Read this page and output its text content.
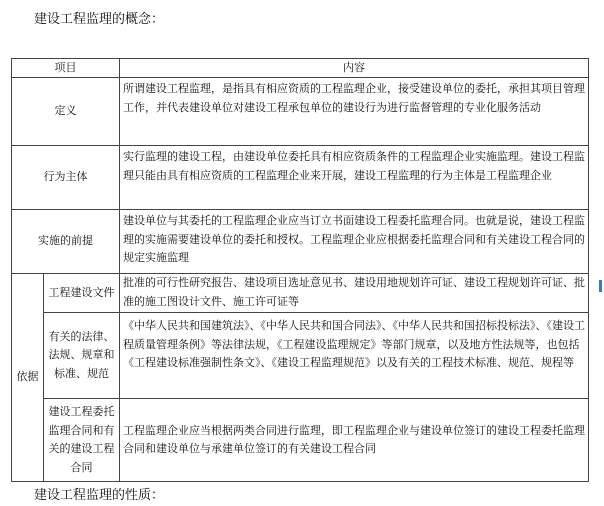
建设工程监理的概念：
项目	内容
定义
所谓建设工程监理，是指具有相应资质的工程监理企业，接受建设单位的委托，承担其项目管理工作，并代表建设单位对建设工程承包单位的建设行为进行监督管理的专业化服务活动
行为主体
实行监理的建设工程，由建设单位委托具有相应资质条件的工程监理企业实施监理。建设工程监理只能由具有相应资质的工程监理企业来开展，建设工程监理的行为主体是工程监理企业
实施的前提
建设单位与其委托的工程监理企业应当订立书面建设工程委托监理合同。也就是说，建设工程监理的实施需要建设单位的委托和授权。工程监理企业应根据委托监理合同和有关建设工程合同的规定实施监理
依据
工程建设文件
批准的可行性研究报告、建设项目选址意见书、建设用地规划许可证、建设工程规划许可证、批准的施工图设计文件、施工许可证等
有关的法律、法规、规章和标准、规范
《中华人民共和国建筑法》、《中华人民共和国合同法》、《中华人民共和国招标投标法》、《建设工程质量管理条例》等法律法规，《工程建设监理规定》等部门规章，以及地方性法规等，也包括《工程建设标准强制性条文》、《建设工程监理规范》以及有关的工程技术标准、规范、规程等
建设工程委托监理合同和有关的建设工程合同
工程监理企业应当根据两类合同进行监理，即工程监理企业与建设单位签订的建设工程委托监理合同和建设单位与承建单位签订的有关建设工程合同
建设工程监理的性质：
